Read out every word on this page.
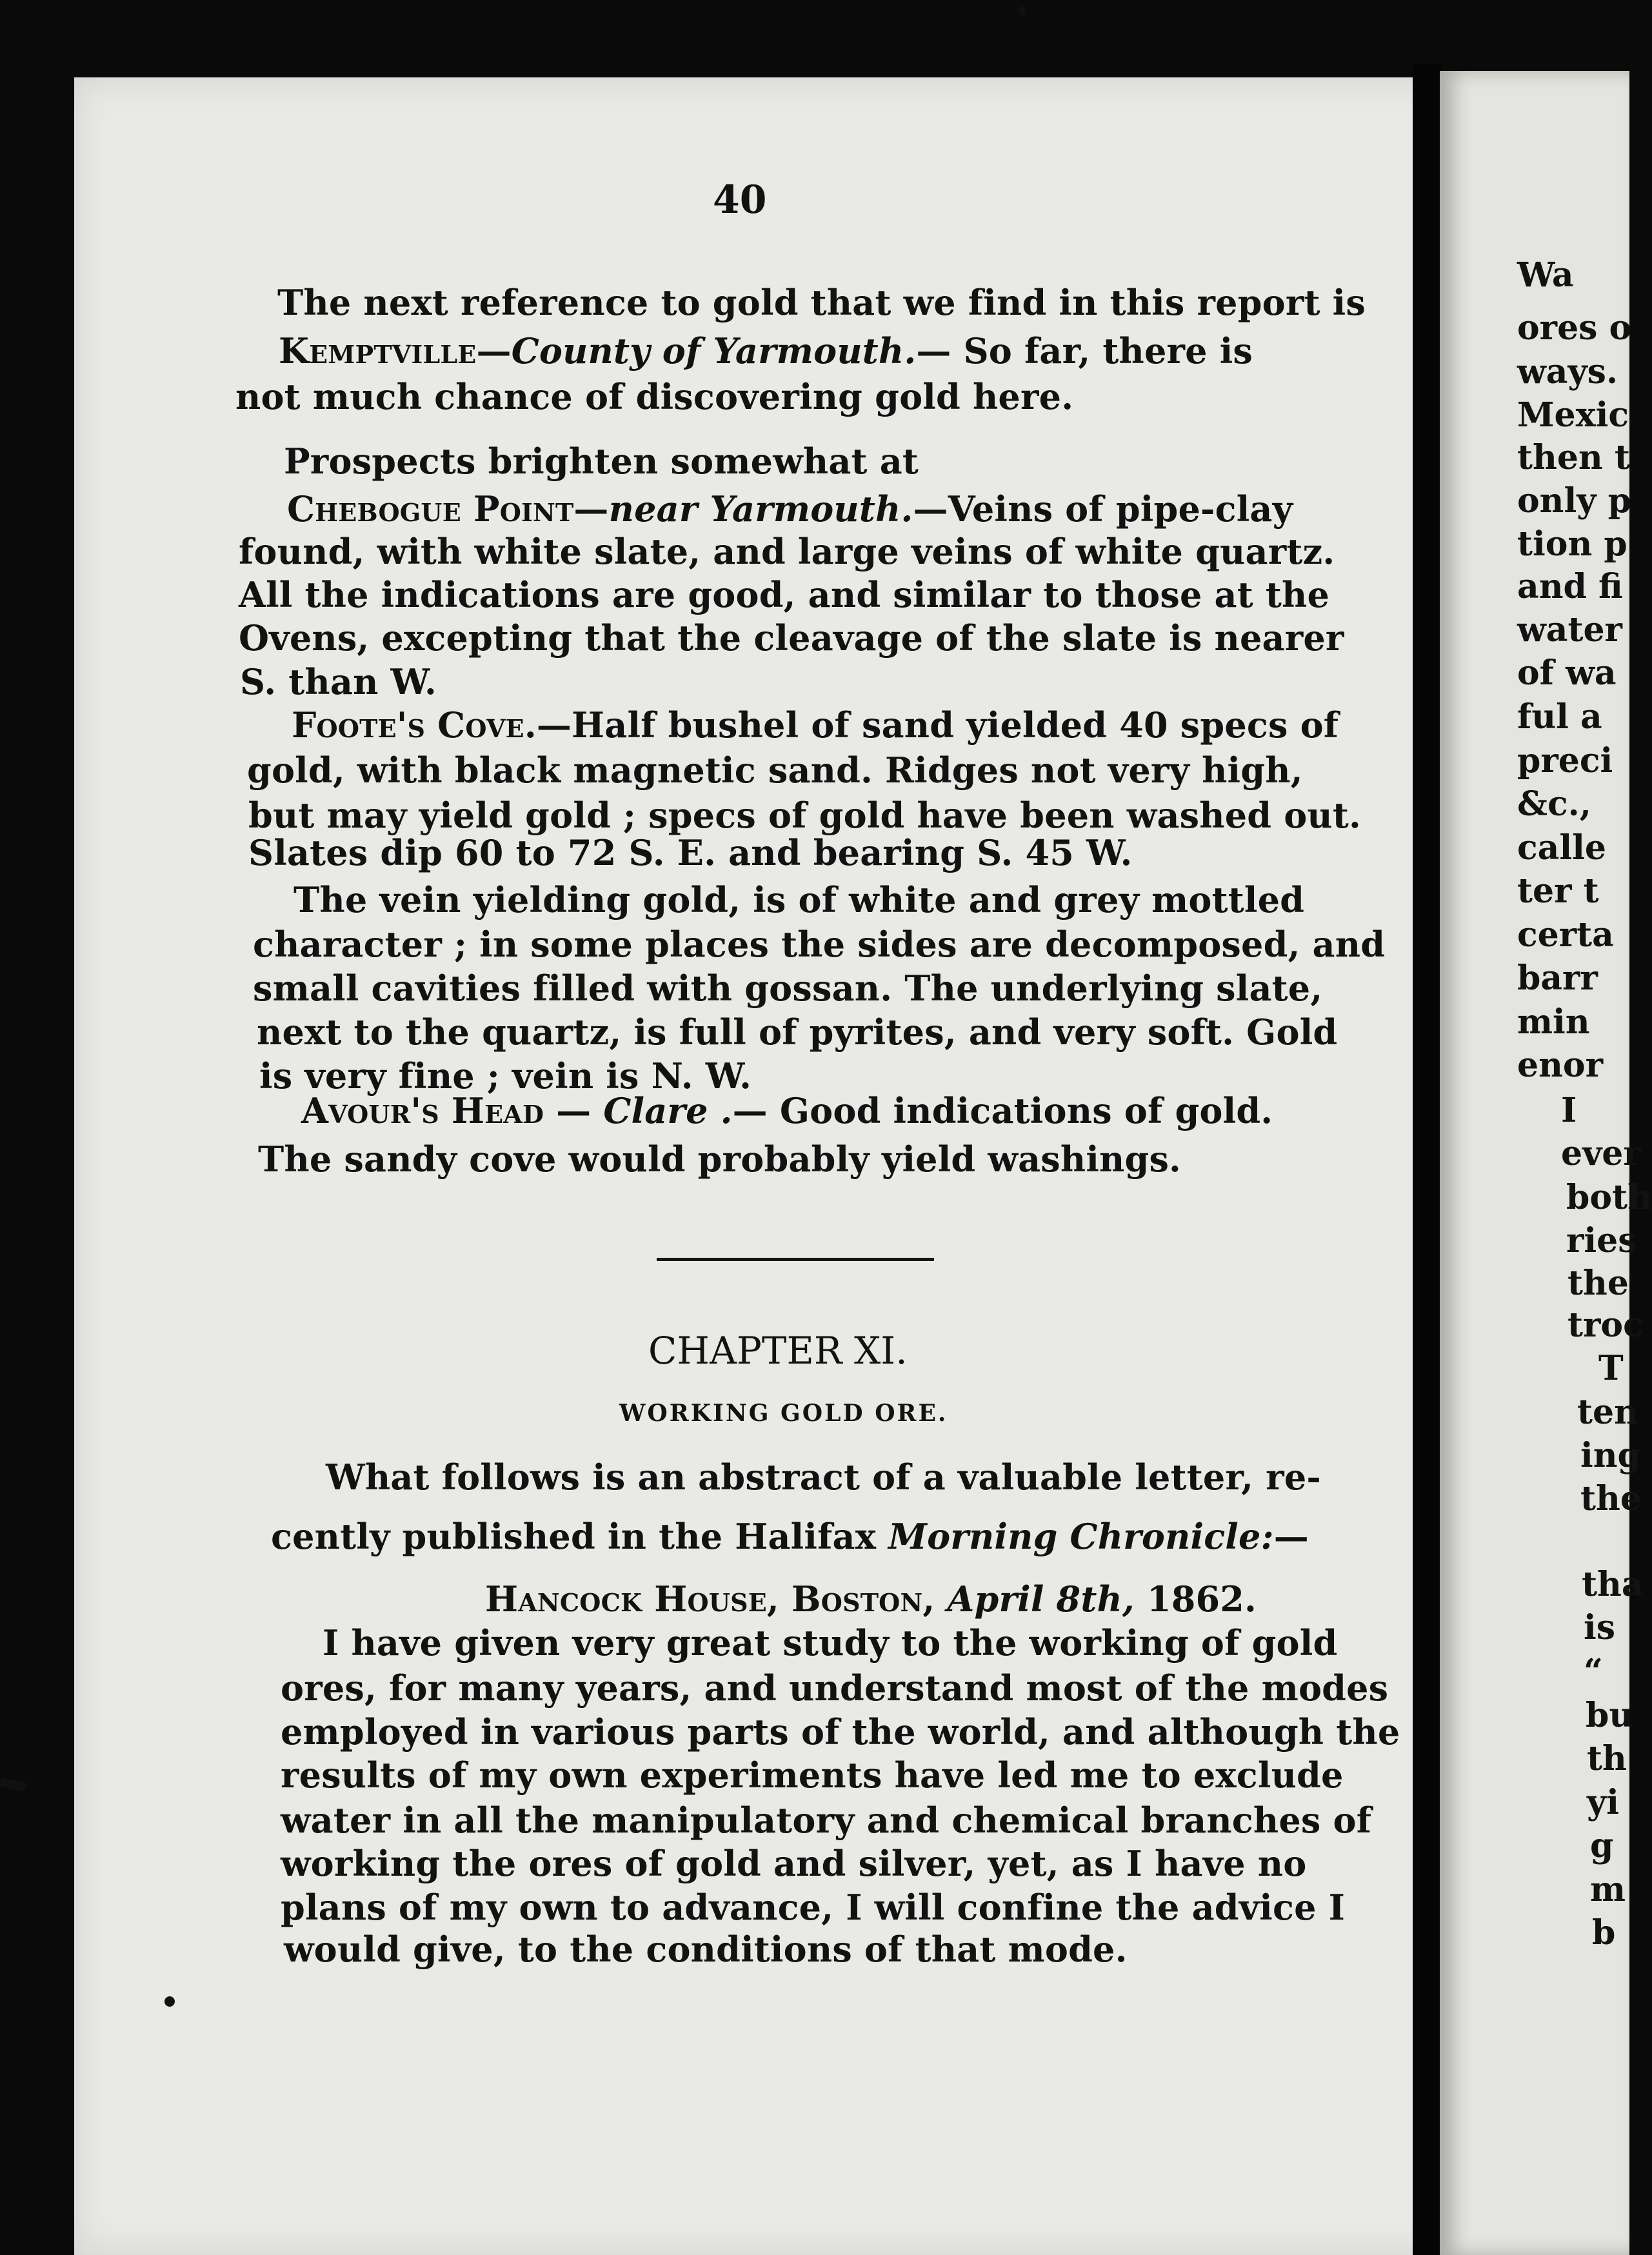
40
The next reference to gold that we find in this report is
Kemptville—County of Yarmouth.— So far, there is
not much chance of discovering gold here.
Prospects brighten somewhat at
Chebogue Point—near Yarmouth.—Veins of pipe-clay
found, with white slate, and large veins of white quartz.
All the indications are good, and similar to those at the
Ovens, excepting that the cleavage of the slate is nearer
S. than W.
Foote's Cove.—Half bushel of sand yielded 40 specs of
gold, with black magnetic sand. Ridges not very high,
but may yield gold ; specs of gold have been washed out.
Slates dip 60 to 72 S. E. and bearing S. 45 W.
The vein yielding gold, is of white and grey mottled
character ; in some places the sides are decomposed, and
small cavities filled with gossan. The underlying slate,
next to the quartz, is full of pyrites, and very soft. Gold
is very fine ; vein is N. W.
Avour's Head — Clare .— Good indications of gold.
The sandy cove would probably yield washings.
CHAPTER XI.
WORKING GOLD ORE.
What follows is an abstract of a valuable letter, re-
cently published in the Halifax Morning Chronicle:—
Hancock House, Boston, April 8th, 1862.
I have given very great study to the working of gold
ores, for many years, and understand most of the modes
employed in various parts of the world, and although the
results of my own experiments have led me to exclude
water in all the manipulatory and chemical branches of
working the ores of gold and silver, yet, as I have no
plans of my own to advance, I will confine the advice I
would give, to the conditions of that mode.
Wa
ores o
ways.
Mexic
then t
only p
tion p
and fi
water
of wa
ful a
preci
&c.,
calle
ter t
certa
barr
min
enor
I
ever
both
ries
the
troc
T
ten
ing
the
tha
is
“
bu
th
yi
g
m
b
